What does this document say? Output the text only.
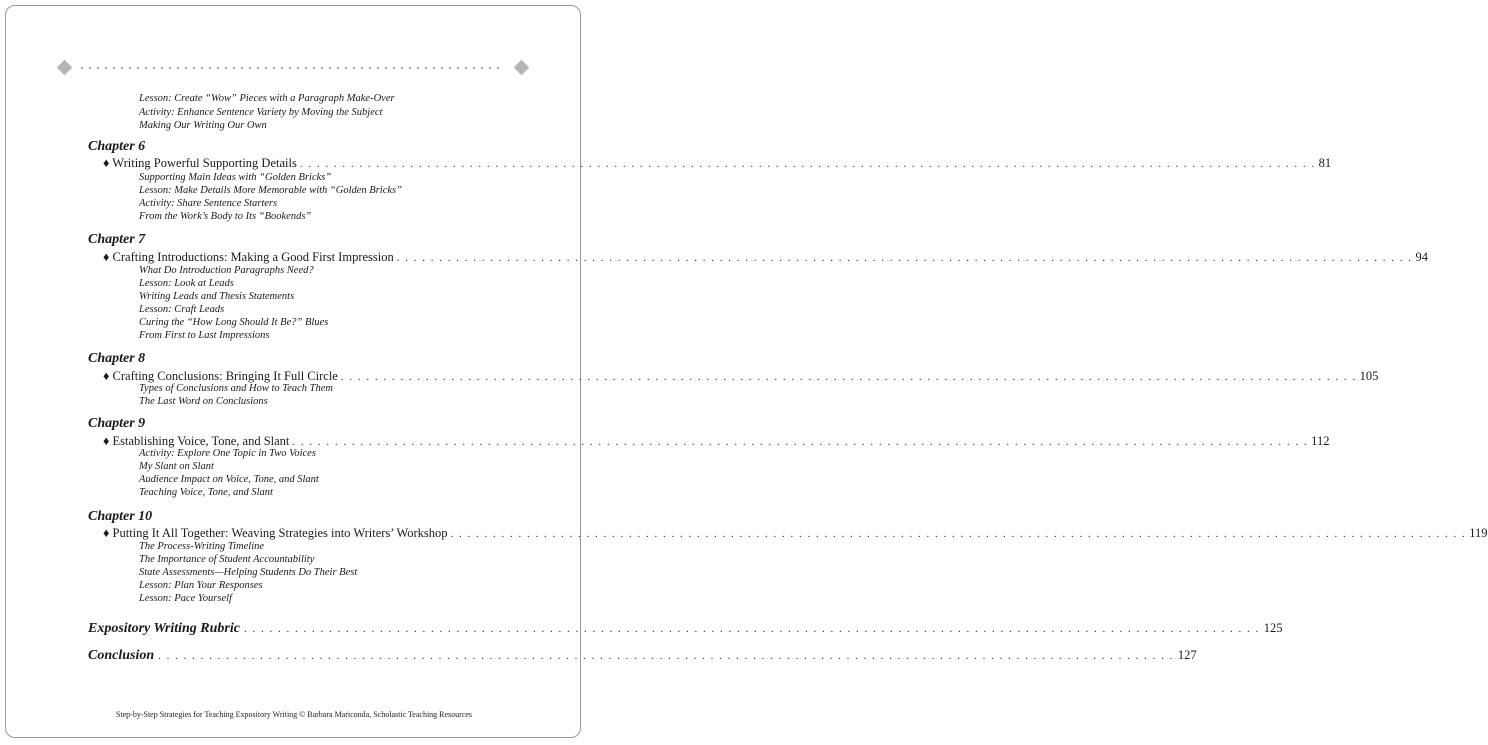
Lesson: Create “Wow” Pieces with a Paragraph Make-Over
Activity: Enhance Sentence Variety by Moving the Subject
Making Our Writing Our Own
Chapter 6
♦ Writing Powerful Supporting Details . . . . . . . . . . . . . . . . . . . . . . . . . . . . . . . . . . . . . . . . . . . . . . . . . . . . . . . . . . . . . . . . . . . . . . . . . . . . . . . . . . . . . . . . . . . . . . . . . . . . . . . . . . . . . . . . . . . . . . . . 81
Supporting Main Ideas with “Golden Bricks”
Lesson: Make Details More Memorable with “Golden Bricks”
Activity: Share Sentence Starters
From the Work’s Body to Its “Bookends”
Chapter 7
♦ Crafting Introductions: Making a Good First Impression . . . . . . . . . . . . . . . . . . . . . . . . . . . . . . . . . . . . . . . . . . . . . . . . . . . . . . . . . . . . . . . . . . . . . . . . . . . . . . . . . . . . . . . . . . . . . . . . . . . . . . . . . . . . . . . . . . . . . . . . 94
What Do Introduction Paragraphs Need?
Lesson: Look at Leads
Writing Leads and Thesis Statements
Lesson: Craft Leads
Curing the “How Long Should It Be?” Blues
From First to Last Impressions
Chapter 8
♦ Crafting Conclusions: Bringing It Full Circle . . . . . . . . . . . . . . . . . . . . . . . . . . . . . . . . . . . . . . . . . . . . . . . . . . . . . . . . . . . . . . . . . . . . . . . . . . . . . . . . . . . . . . . . . . . . . . . . . . . . . . . . . . . . . . . . . . . . . . . . 105
Types of Conclusions and How to Teach Them
The Last Word on Conclusions
Chapter 9
♦ Establishing Voice, Tone, and Slant . . . . . . . . . . . . . . . . . . . . . . . . . . . . . . . . . . . . . . . . . . . . . . . . . . . . . . . . . . . . . . . . . . . . . . . . . . . . . . . . . . . . . . . . . . . . . . . . . . . . . . . . . . . . . . . . . . . . . . . . 112
Activity: Explore One Topic in Two Voices
My Slant on Slant
Audience Impact on Voice, Tone, and Slant
Teaching Voice, Tone, and Slant
Chapter 10
♦ Putting It All Together: Weaving Strategies into Writers’ Workshop . . . . . . . . . . . . . . . . . . . . . . . . . . . . . . . . . . . . . . . . . . . . . . . . . . . . . . . . . . . . . . . . . . . . . . . . . . . . . . . . . . . . . . . . . . . . . . . . . . . . . . . . . . . . . . . . . . . . . . . . 119
The Process-Writing Timeline
The Importance of Student Accountability
State Assessments—Helping Students Do Their Best
Lesson: Plan Your Responses
Lesson: Pace Yourself
Expository Writing Rubric . . . . . . . . . . . . . . . . . . . . . . . . . . . . . . . . . . . . . . . . . . . . . . . . . . . . . . . . . . . . . . . . . . . . . . . . . . . . . . . . . . . . . . . . . . . . . . . . . . . . . . . . . . . . . . . . . . . . . . . . 125
Conclusion . . . . . . . . . . . . . . . . . . . . . . . . . . . . . . . . . . . . . . . . . . . . . . . . . . . . . . . . . . . . . . . . . . . . . . . . . . . . . . . . . . . . . . . . . . . . . . . . . . . . . . . . . . . . . . . . . . . . . . . . 127
Step-by-Step Strategies for Teaching Expository Writing © Barbara Mariconda, Scholastic Teaching Resources
